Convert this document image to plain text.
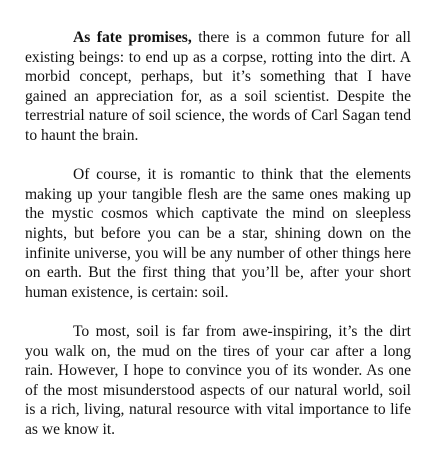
As fate promises, there is a common future for all existing beings: to end up as a corpse, rotting into the dirt. A morbid concept, perhaps, but it’s something that I have gained an appreciation for, as a soil scientist. Despite the terrestrial nature of soil science, the words of Carl Sagan tend to haunt the brain.

Of course, it is romantic to think that the elements making up your tangible flesh are the same ones making up the mystic cosmos which captivate the mind on sleepless nights, but before you can be a star, shining down on the infinite universe, you will be any number of other things here on earth. But the first thing that you’ll be, after your short human existence, is certain: soil.

To most, soil is far from awe-inspiring, it’s the dirt you walk on, the mud on the tires of your car after a long rain. However, I hope to convince you of its wonder. As one of the most misunderstood aspects of our natural world, soil is a rich, living, natural resource with vital importance to life as we know it.
